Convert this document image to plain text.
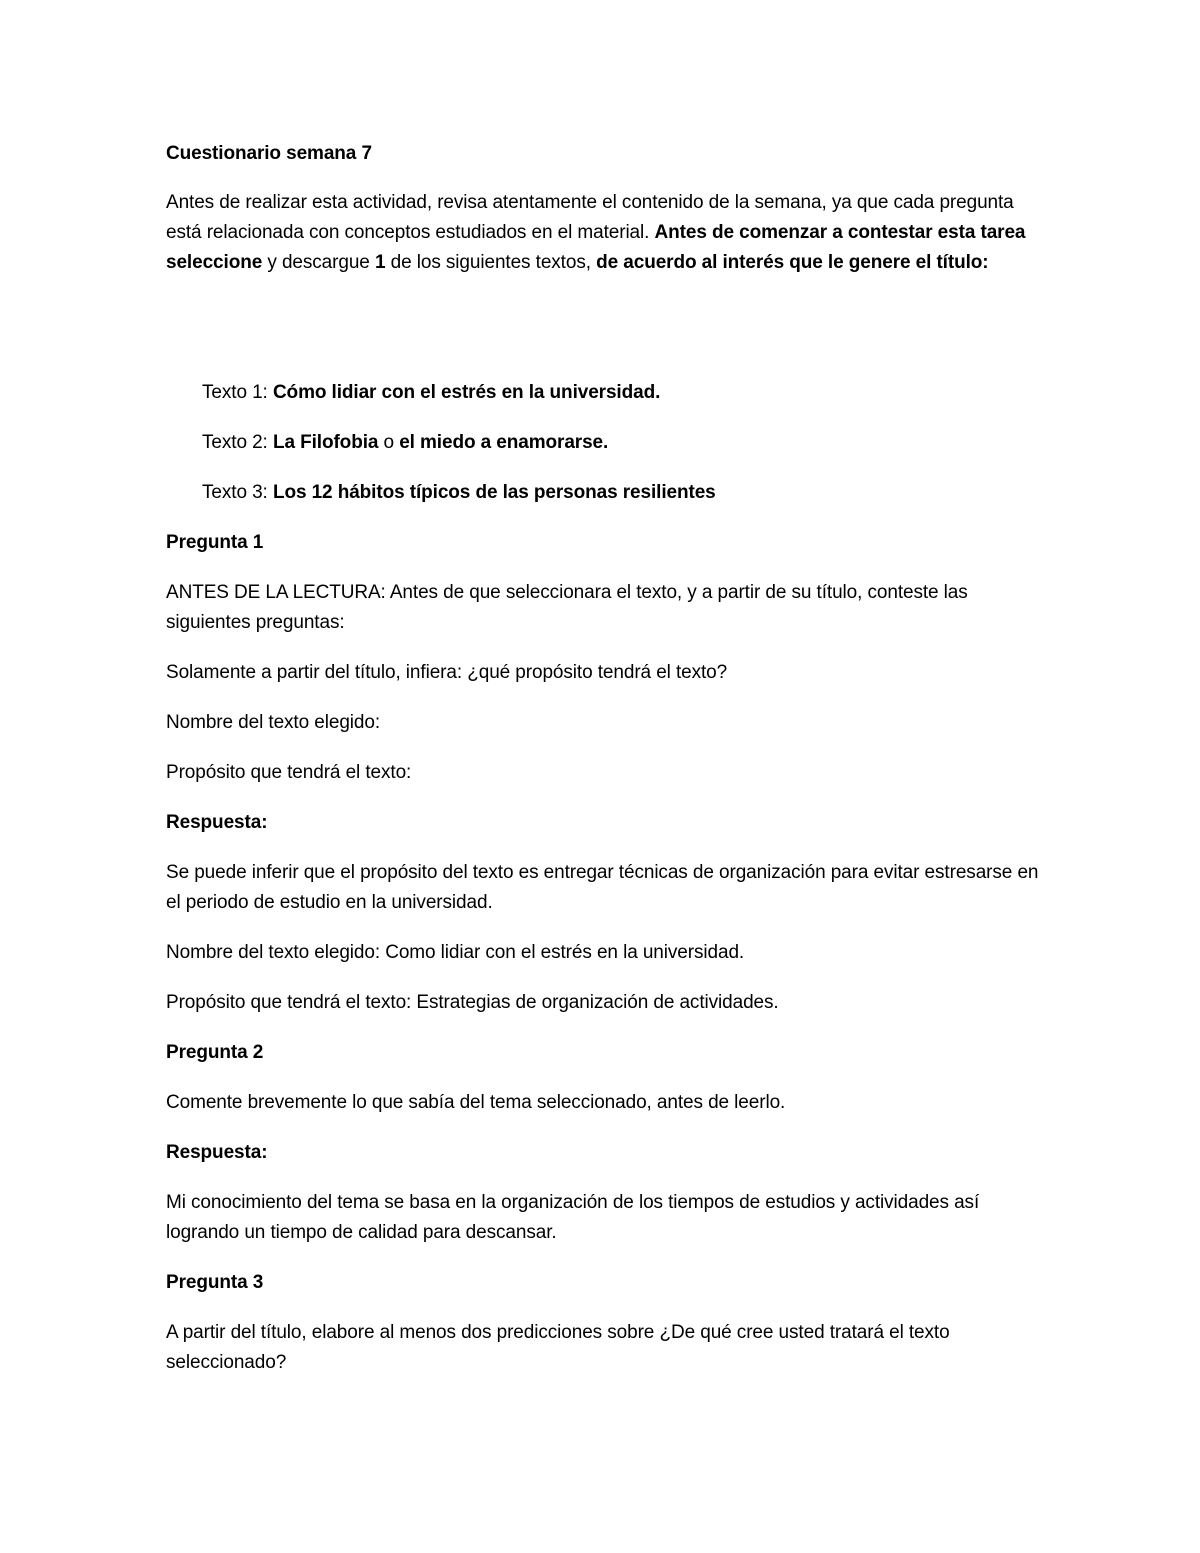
Cuestionario semana 7

Antes de realizar esta actividad, revisa atentamente el contenido de la semana, ya que cada pregunta está relacionada con conceptos estudiados en el material. Antes de comenzar a contestar esta tarea seleccione y descargue 1 de los siguientes textos, de acuerdo al interés que le genere el título:

Texto 1: Cómo lidiar con el estrés en la universidad.

Texto 2: La Filofobia o el miedo a enamorarse.

Texto 3: Los 12 hábitos típicos de las personas resilientes

Pregunta 1

ANTES DE LA LECTURA: Antes de que seleccionara el texto, y a partir de su título, conteste las siguientes preguntas:

Solamente a partir del título, infiera: ¿qué propósito tendrá el texto?

Nombre del texto elegido:

Propósito que tendrá el texto:

Respuesta:

Se puede inferir que el propósito del texto es entregar técnicas de organización para evitar estresarse en el periodo de estudio en la universidad.

Nombre del texto elegido: Como lidiar con el estrés en la universidad.

Propósito que tendrá el texto: Estrategias de organización de actividades.

Pregunta 2

Comente brevemente lo que sabía del tema seleccionado, antes de leerlo.

Respuesta:

Mi conocimiento del tema se basa en la organización de los tiempos de estudios y actividades así logrando un tiempo de calidad para descansar.

Pregunta 3

A partir del título, elabore al menos dos predicciones sobre ¿De qué cree usted tratará el texto seleccionado?
